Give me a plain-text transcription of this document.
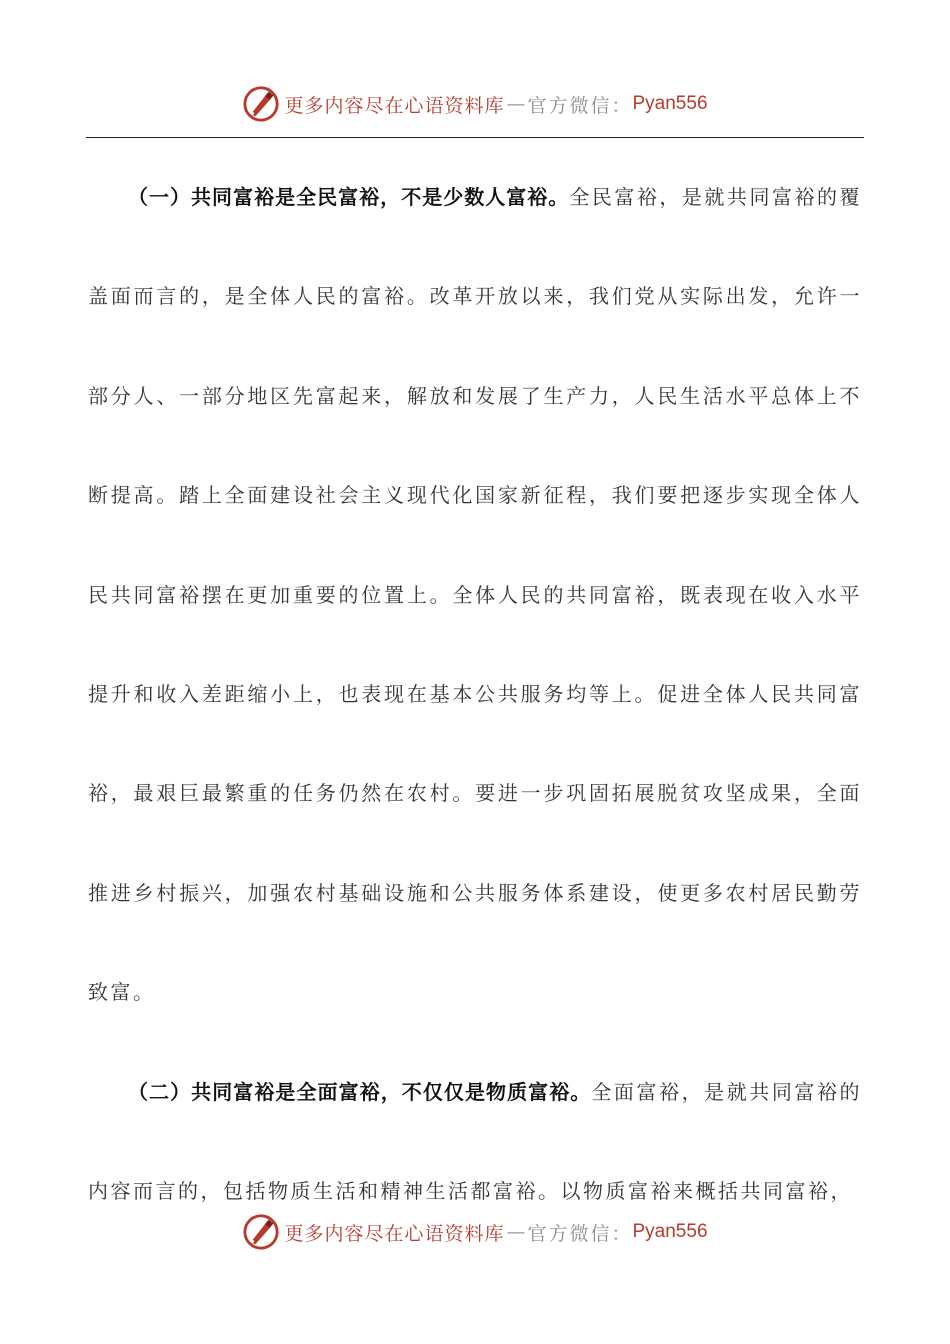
更多内容尽在心语资料库 — 官方微信： Pyan556

（一）共同富裕是全民富裕，不是少数人富裕。全民富裕，是就共同富裕的覆盖面而言的，是全体人民的富裕。改革开放以来，我们党从实际出发，允许一部分人、一部分地区先富起来，解放和发展了生产力，人民生活水平总体上不断提高。踏上全面建设社会主义现代化国家新征程，我们要把逐步实现全体人民共同富裕摆在更加重要的位置上。全体人民的共同富裕，既表现在收入水平提升和收入差距缩小上，也表现在基本公共服务均等上。促进全体人民共同富裕，最艰巨最繁重的任务仍然在农村。要进一步巩固拓展脱贫攻坚成果，全面推进乡村振兴，加强农村基础设施和公共服务体系建设，使更多农村居民勤劳致富。

（二）共同富裕是全面富裕，不仅仅是物质富裕。全面富裕，是就共同富裕的内容而言的，包括物质生活和精神生活都富裕。以物质富裕来概括共同富裕，

更多内容尽在心语资料库 — 官方微信： Pyan556
